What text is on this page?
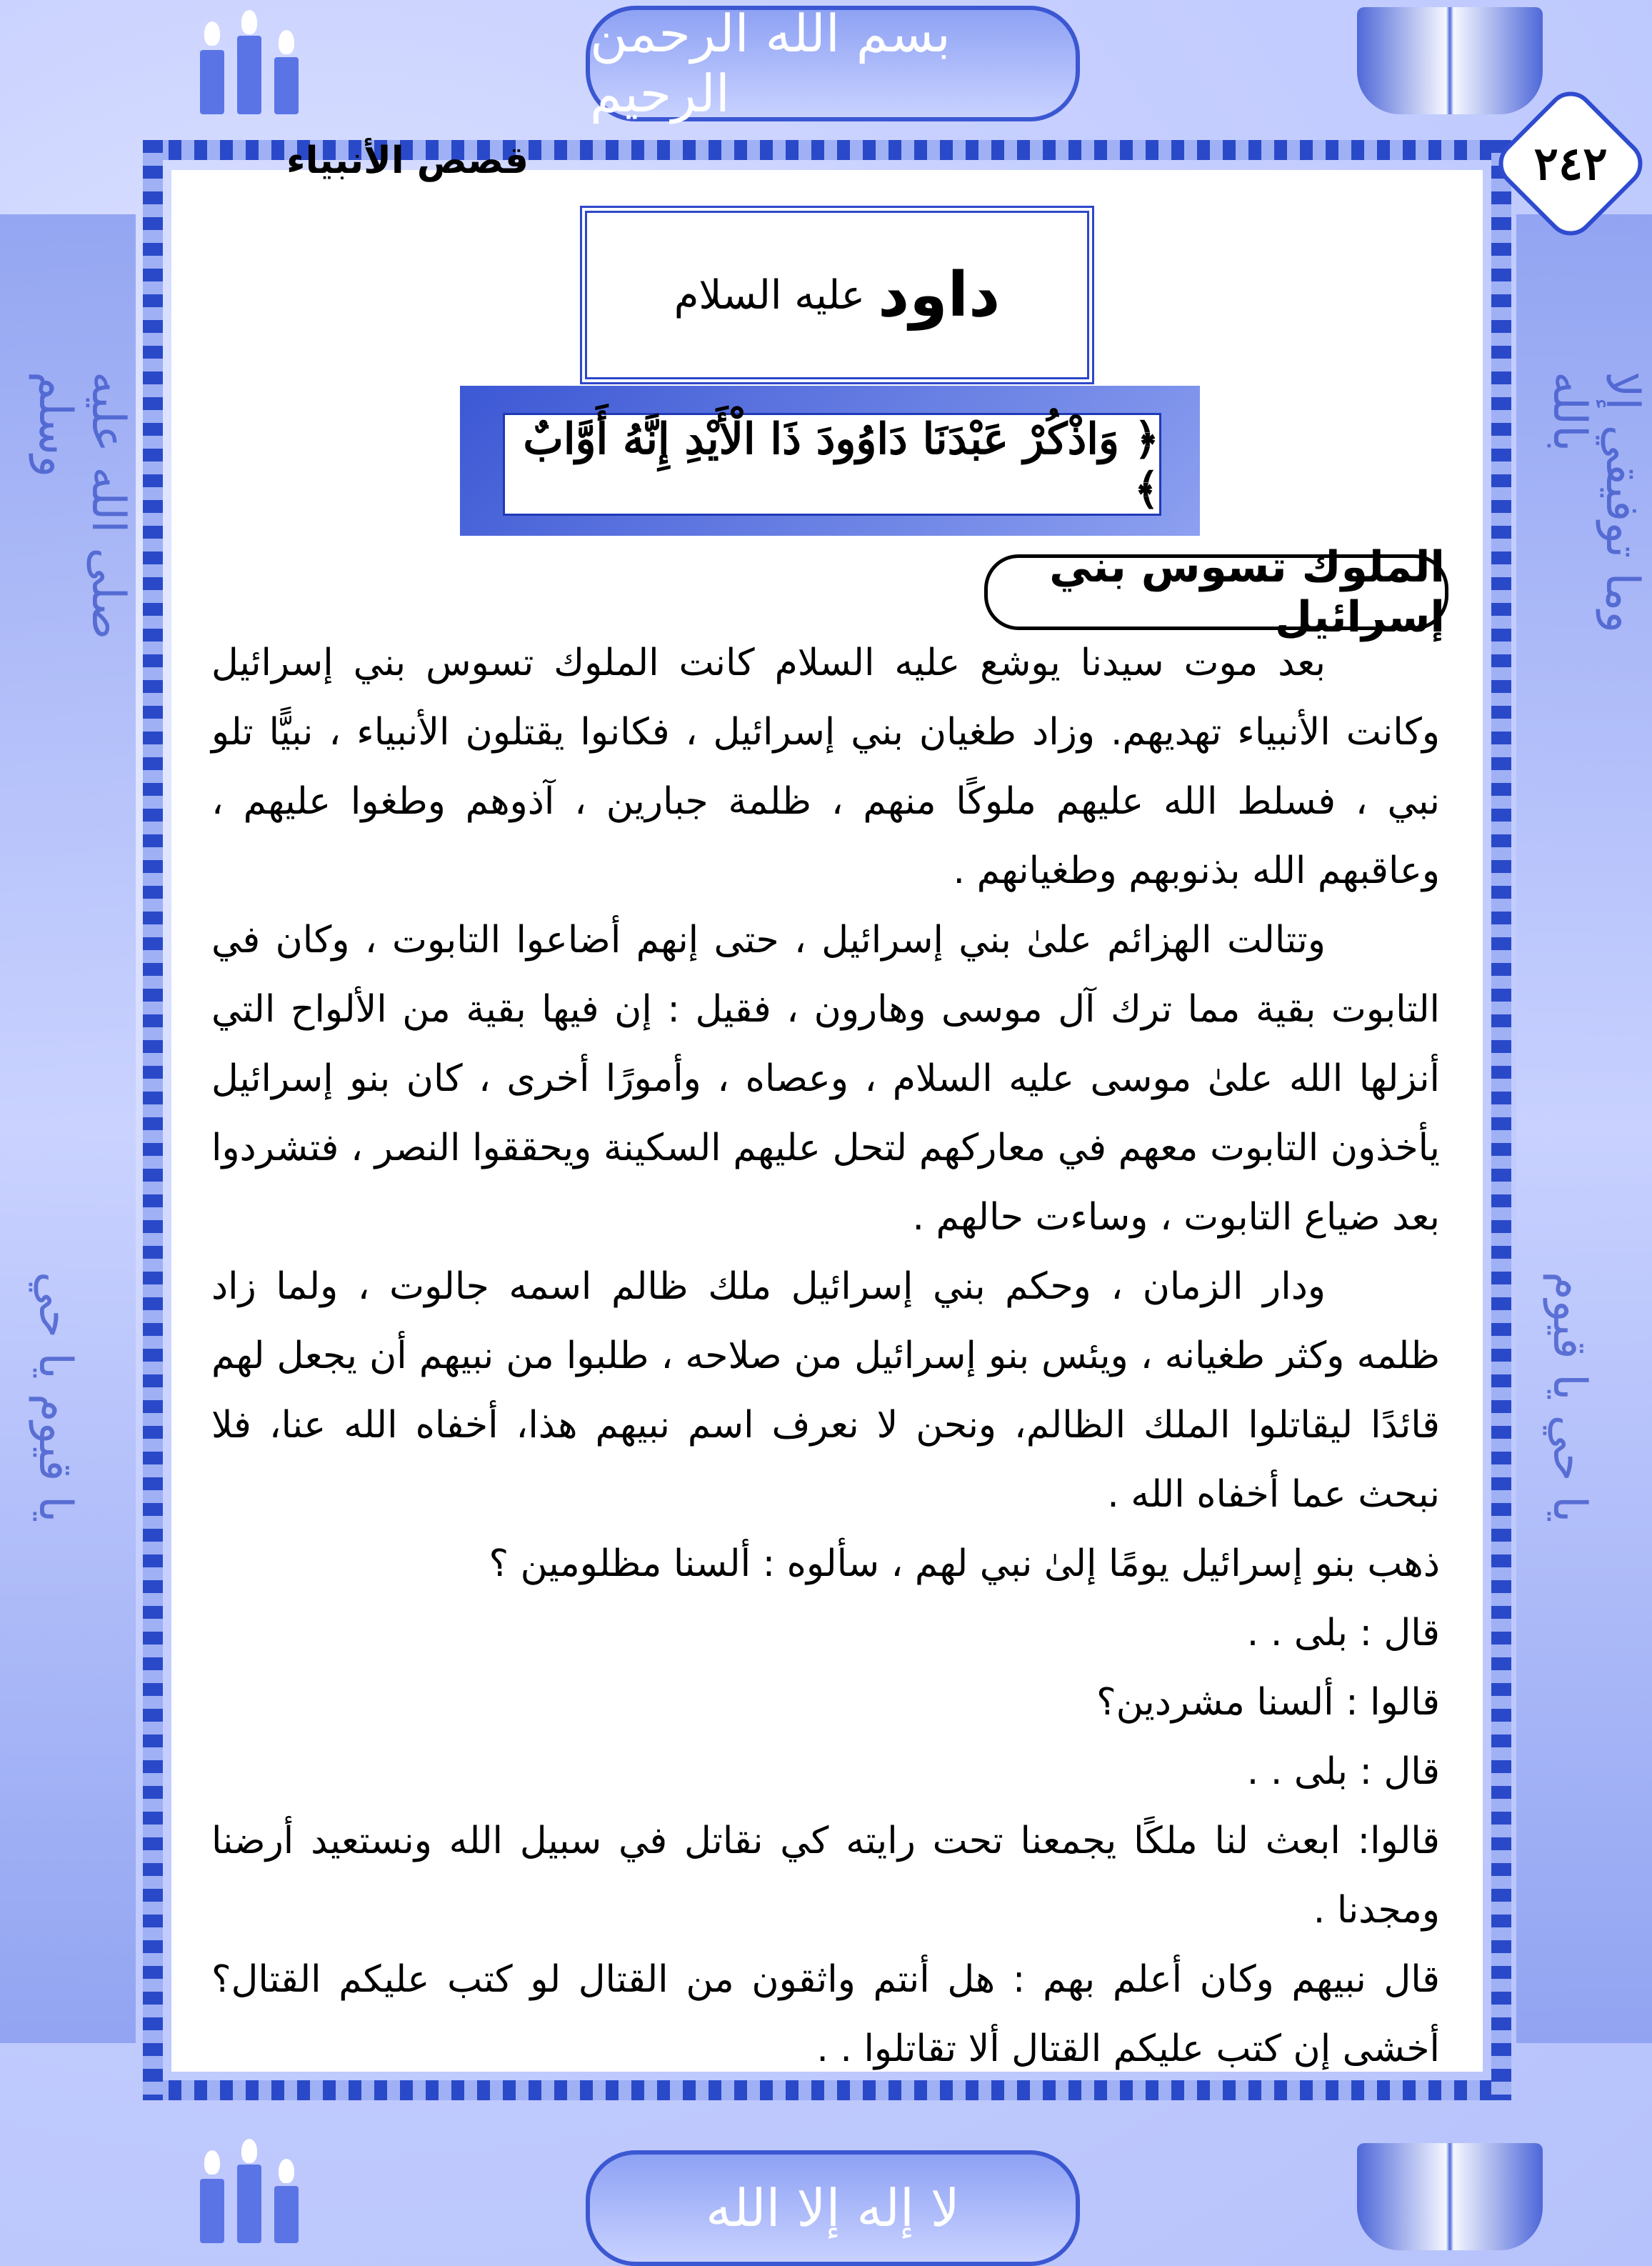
صلى الله عليه وسلم
يا قيوم يا حي
وما توفيقي إلا بالله
يا حي يا قيوم
بسم الله الرحمن الرحيم
٢٤٢
قصص الأنبياء
داود
عليه السلام
﴿ وَاذْكُرْ عَبْدَنَا دَاوُودَ ذَا الْأَيْدِ إِنَّهُ أَوَّابٌ ﴾
الملوك تسوس بني إسرائيل

بعد موت سيدنا يوشع عليه السلام كانت الملوك تسوس بني إسرائيل وكانت الأنبياء تهديهم. وزاد طغيان بني إسرائيل ، فكانوا يقتلون الأنبياء ، نبيًّا تلو نبي ، فسلط الله عليهم ملوكًا منهم ، ظلمة جبارين ، آذوهم وطغوا عليهم ، وعاقبهم الله بذنوبهم وطغيانهم .

وتتالت الهزائم علىٰ بني إسرائيل ، حتى إنهم أضاعوا التابوت ، وكان في التابوت بقية مما ترك آل موسى وهارون ، فقيل : إن فيها بقية من الألواح التي أنزلها الله علىٰ موسى عليه السلام ، وعصاه ، وأمورًا أخرى ، كان بنو إسرائيل يأخذون التابوت معهم في معاركهم لتحل عليهم السكينة ويحققوا النصر ، فتشردوا بعد ضياع التابوت ، وساءت حالهم .

ودار الزمان ، وحكم بني إسرائيل ملك ظالم اسمه جالوت ، ولما زاد ظلمه وكثر طغيانه ، ويئس بنو إسرائيل من صلاحه ، طلبوا من نبيهم أن يجعل لهم قائدًا ليقاتلوا الملك الظالم، ونحن لا نعرف اسم نبيهم هذا، أخفاه الله عنا، فلا نبحث عما أخفاه الله .

ذهب بنو إسرائيل يومًا إلىٰ نبي لهم ، سألوه : ألسنا مظلومين ؟

قال : بلى . .

قالوا : ألسنا مشردين؟

قال : بلى . .

قالوا: ابعث لنا ملكًا يجمعنا تحت رايته كي نقاتل في سبيل الله ونستعيد أرضنا ومجدنا .

قال نبيهم وكان أعلم بهم : هل أنتم واثقون من القتال لو كتب عليكم القتال؟ أخشى إن كتب عليكم القتال ألا تقاتلوا . .

لا إله إلا الله
